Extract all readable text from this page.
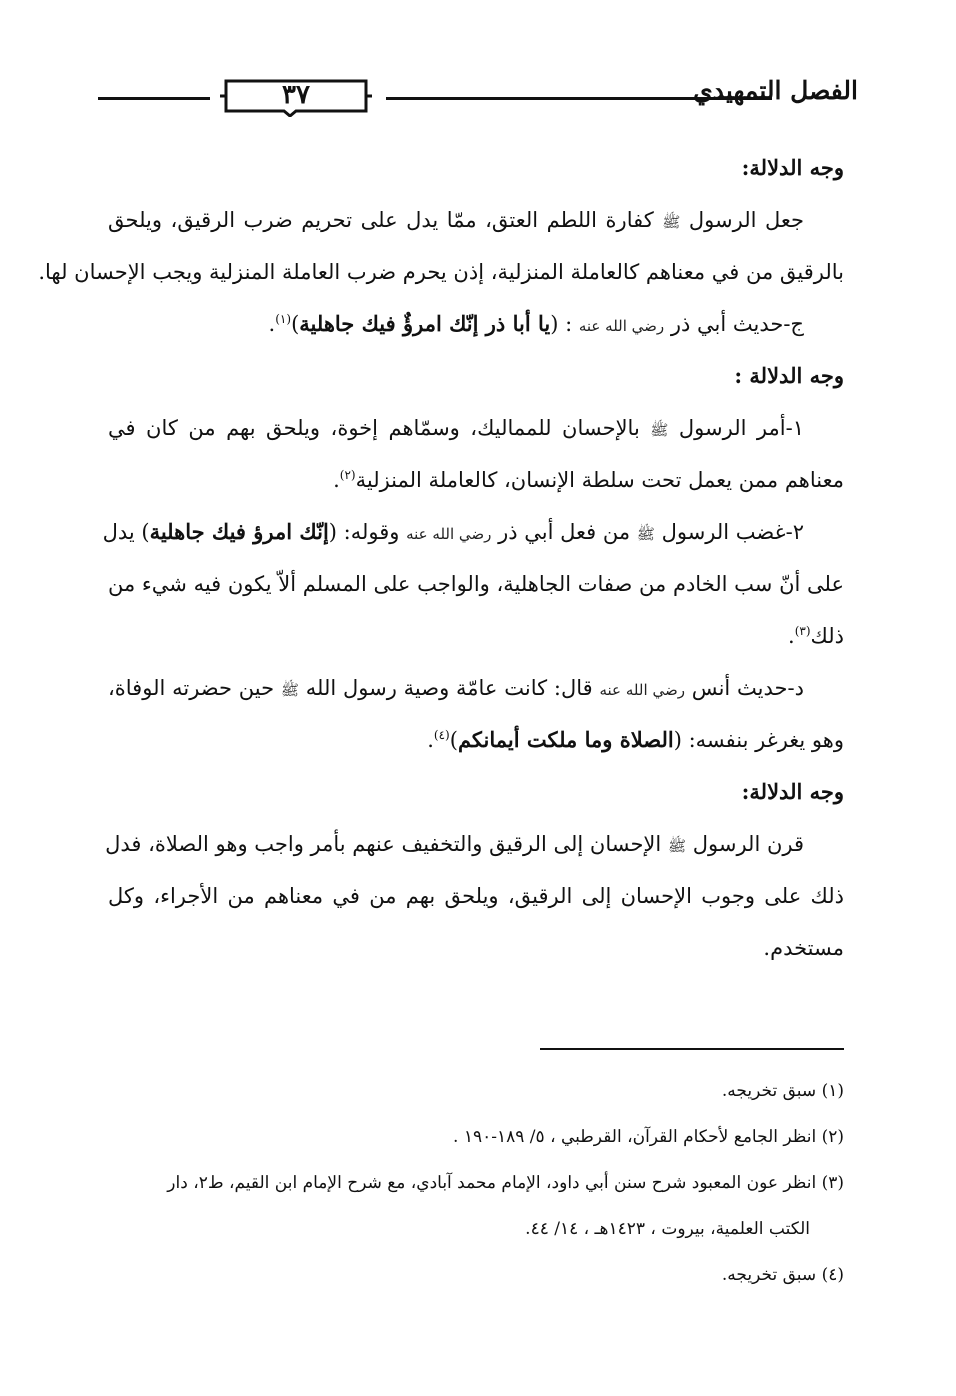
٣٧	الفصل التمهيدي
وجه الدلالة:
جعل الرسول ﷺ كفارة اللطم العتق، ممّا يدل على تحريم ضرب الرقيق، ويلحق
بالرقيق من في معناهم كالعاملة المنزلية، إذن يحرم ضرب العاملة المنزلية ويجب الإحسان لها.
ج-حديث أبي ذر رضي الله عنه : (يا أبا ذر إنّك امرؤٌ فيك جاهلية)$^{(١)}$.
وجه الدلالة :
١-أمر الرسول ﷺ بالإحسان للمماليك، وسمّاهم إخوة، ويلحق بهم من كان في
معناهم ممن يعمل تحت سلطة الإنسان، كالعاملة المنزلية$^{(٢)}$.
٢-غضب الرسول ﷺ من فعل أبي ذر رضي الله عنه وقوله: (إنّك امرؤ فيك جاهلية) يدل
على أنّ سب الخادم من صفات الجاهلية، والواجب على المسلم ألاّ يكون فيه شيء من
ذلك$^{(٣)}$.
د-حديث أنس رضي الله عنه قال: كانت عامّة وصية رسول الله ﷺ حين حضرته الوفاة،
وهو يغرغر بنفسه: (الصلاة وما ملكت أيمانكم)$^{(٤)}$.
وجه الدلالة:
قرن الرسول ﷺ الإحسان إلى الرقيق والتخفيف عنهم بأمر واجب وهو الصلاة، فدل
ذلك على وجوب الإحسان إلى الرقيق، ويلحق بهم من في معناهم من الأجراء، وكل
مستخدم.
(١) سبق تخريجه.
(٢) انظر الجامع لأحكام القرآن، القرطبي ، ٥/ ١٨٩-١٩٠ .
(٣) انظر عون المعبود شرح سنن أبي داود، الإمام محمد آبادي، مع شرح الإمام ابن القيم، ط٢، دار
الكتب العلمية، بيروت ، ١٤٢٣هـ ، ١٤/ ٤٤.
(٤) سبق تخريجه.
